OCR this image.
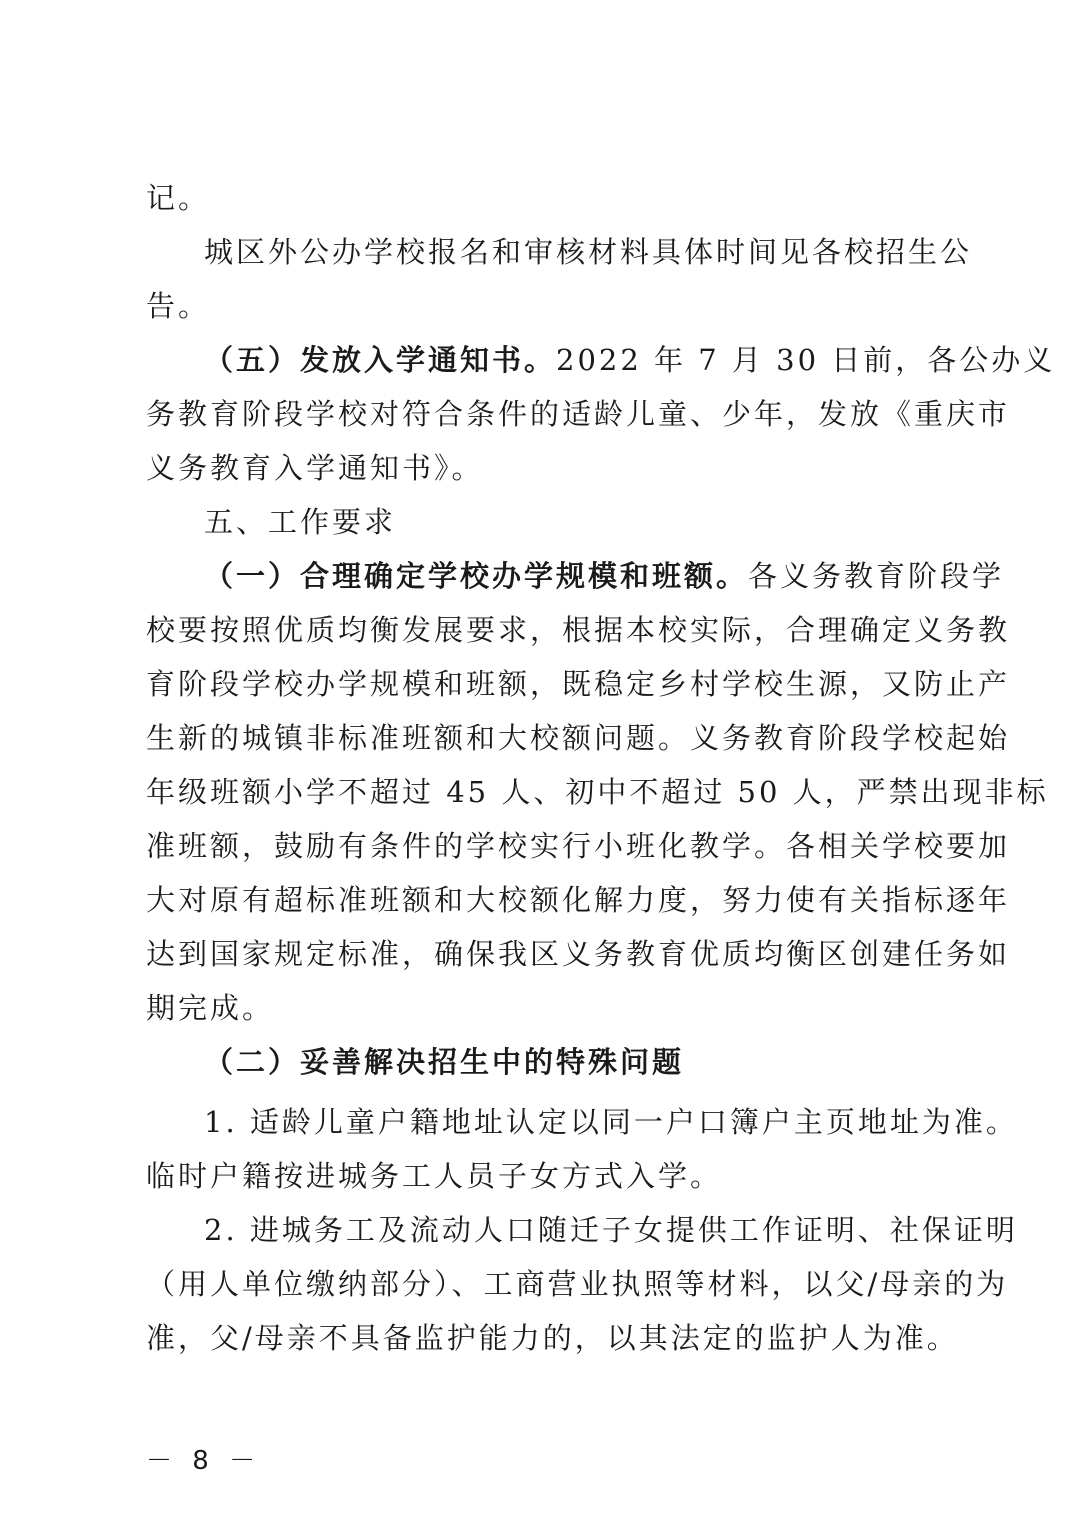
记。
城区外公办学校报名和审核材料具体时间见各校招生公
告。
（五）发放入学通知书。2022 年 7 月 30 日前，各公办义
务教育阶段学校对符合条件的适龄儿童、少年，发放《重庆市
义务教育入学通知书》。
五、工作要求
（一）合理确定学校办学规模和班额。各义务教育阶段学
校要按照优质均衡发展要求，根据本校实际，合理确定义务教
育阶段学校办学规模和班额，既稳定乡村学校生源，又防止产
生新的城镇非标准班额和大校额问题。义务教育阶段学校起始
年级班额小学不超过 45 人、初中不超过 50 人，严禁出现非标
准班额，鼓励有条件的学校实行小班化教学。各相关学校要加
大对原有超标准班额和大校额化解力度，努力使有关指标逐年
达到国家规定标准，确保我区义务教育优质均衡区创建任务如
期完成。
（二）妥善解决招生中的特殊问题
1. 适龄儿童户籍地址认定以同一户口簿户主页地址为准。
临时户籍按进城务工人员子女方式入学。
2. 进城务工及流动人口随迁子女提供工作证明、社保证明
（用人单位缴纳部分）、工商营业执照等材料，以父/母亲的为
准，父/母亲不具备监护能力的，以其法定的监护人为准。
－ 8 －
